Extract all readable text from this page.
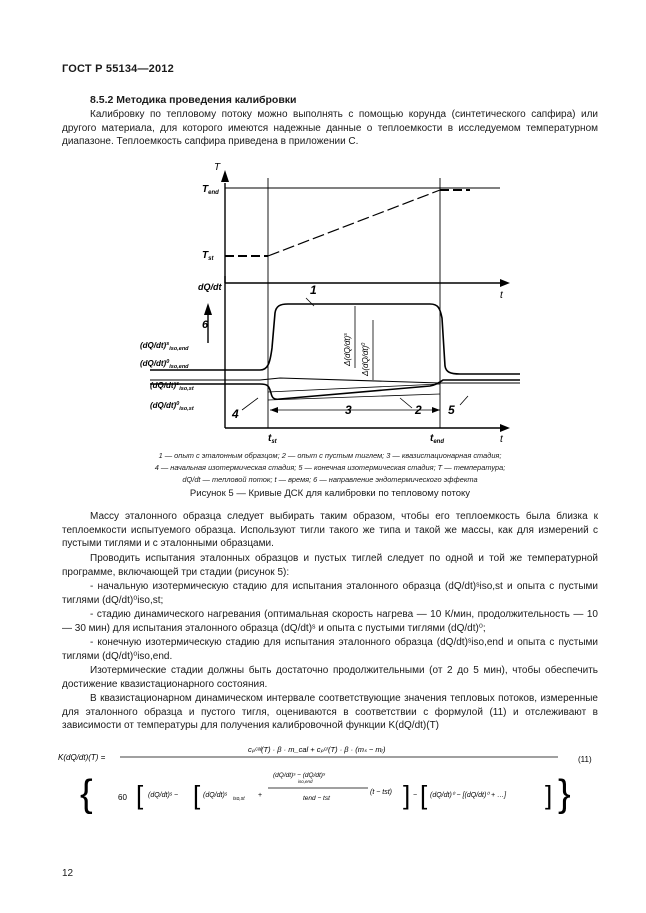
ГОСТ Р 55134—2012
8.5.2 Методика проведения калибровки
Калибровку по тепловому потоку можно выполнять с помощью корунда (синтетического сапфира) или другого материала, для которого имеются надежные данные о теплоемкости в исследуемом температурном диапазоне. Теплоемкость сапфира приведена в приложении С.
T
t
$T_{end}$
$T_{st}$
dQ/dt
t
6
$(dQ/dt)^s_{iso,end}$
$(dQ/dt)^0_{iso,end}$
$(dQ/dt)^s_{iso,st}$
$(dQ/dt)^0_{iso,st}$
$\Delta(dQ/dt)^s$
$\Delta(dQ/dt)^0$
1
3	2
4	5
$t_{st}$	$t_{end}$
1 — опыт с эталонным образцом; 2 — опыт с пустым тиглем; 3 — квазистационарная стадия;
4 — начальная изотермическая стадия; 5 — конечная изотермическая стадия; T — температура;
dQ/dt — тепловой поток; t — время; 6 — направление эндотермического эффекта
Рисунок 5 — Кривые ДСК для калибровки по тепловому потоку
Массу эталонного образца следует выбирать таким образом, чтобы его теплоемкость была близка к теплоемкости испытуемого образца. Используют тигли такого же типа и такой же массы, как для измерений с пустыми тиглями и с эталонными образцами.
Проводить испытания эталонных образцов и пустых тиглей следует по одной и той же температурной программе, включающей три стадии (рисунок 5):
- начальную изотермическую стадию для испытания эталонного образца (dQ/dt)ˢiso,st и опыта с пустыми тиглями (dQ/dt)⁰iso,st;
- стадию динамического нагревания (оптимальная скорость нагрева — 10 К/мин, продолжительность — 10 — 30 мин) для испытания эталонного образца (dQ/dt)ˢ и опыта с пустыми тиглями (dQ/dt)⁰;
- конечную изотермическую стадию для испытания эталонного образца (dQ/dt)ˢiso,end и опыта с пустыми тиглями (dQ/dt)⁰iso,end.
Изотермические стадии должны быть достаточно продолжительными (от 2 до 5 мин), чтобы обеспечить достижение квазистационарного состояния.
В квазистационарном динамическом интервале соответствующие значения тепловых потоков, измеренные для эталонного образца и пустого тигля, оцениваются в соответствии с формулой (11) и отслеживают в зависимости от температуры для получения калибровочной функции K(dQ/dt)(T)
K(dQ/dt)(T) =
cₚᶜᵃˡ(T) · β · m_cal + cₚᶜʳ(T) · β · (mₛ − mᵣ)
60
{	}
[ (dQ/dt)ˢ − [ (dQ/dt)ˢ iso,st +
(dQ/dt)ˢ − (dQ/dt)ˢ
iso,end
tend − tst
(t − tst) ] − [ (dQ/dt)⁰ − [(dQ/dt)⁰ + …] ]
(11)
12
